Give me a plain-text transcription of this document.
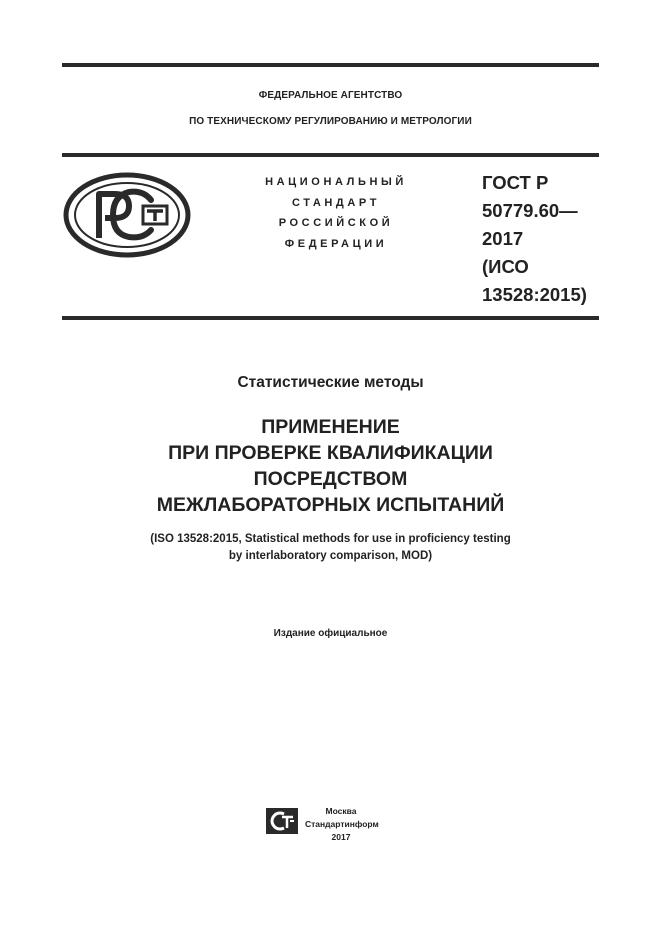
ФЕДЕРАЛЬНОЕ АГЕНТСТВО
ПО ТЕХНИЧЕСКОМУ РЕГУЛИРОВАНИЮ И МЕТРОЛОГИИ
НАЦИОНАЛЬНЫЙ
СТАНДАРТ
РОССИЙСКОЙ
ФЕДЕРАЦИИ
ГОСТ Р
50779.60—
2017
(ИСО
13528:2015)
Статистические методы
ПРИМЕНЕНИЕ
ПРИ ПРОВЕРКЕ КВАЛИФИКАЦИИ
ПОСРЕДСТВОМ
МЕЖЛАБОРАТОРНЫХ ИСПЫТАНИЙ
(ISO 13528:2015, Statistical methods for use in proficiency testing
by interlaboratory comparison, MOD)
Издание официальное
Москва
Стандартинформ
2017
